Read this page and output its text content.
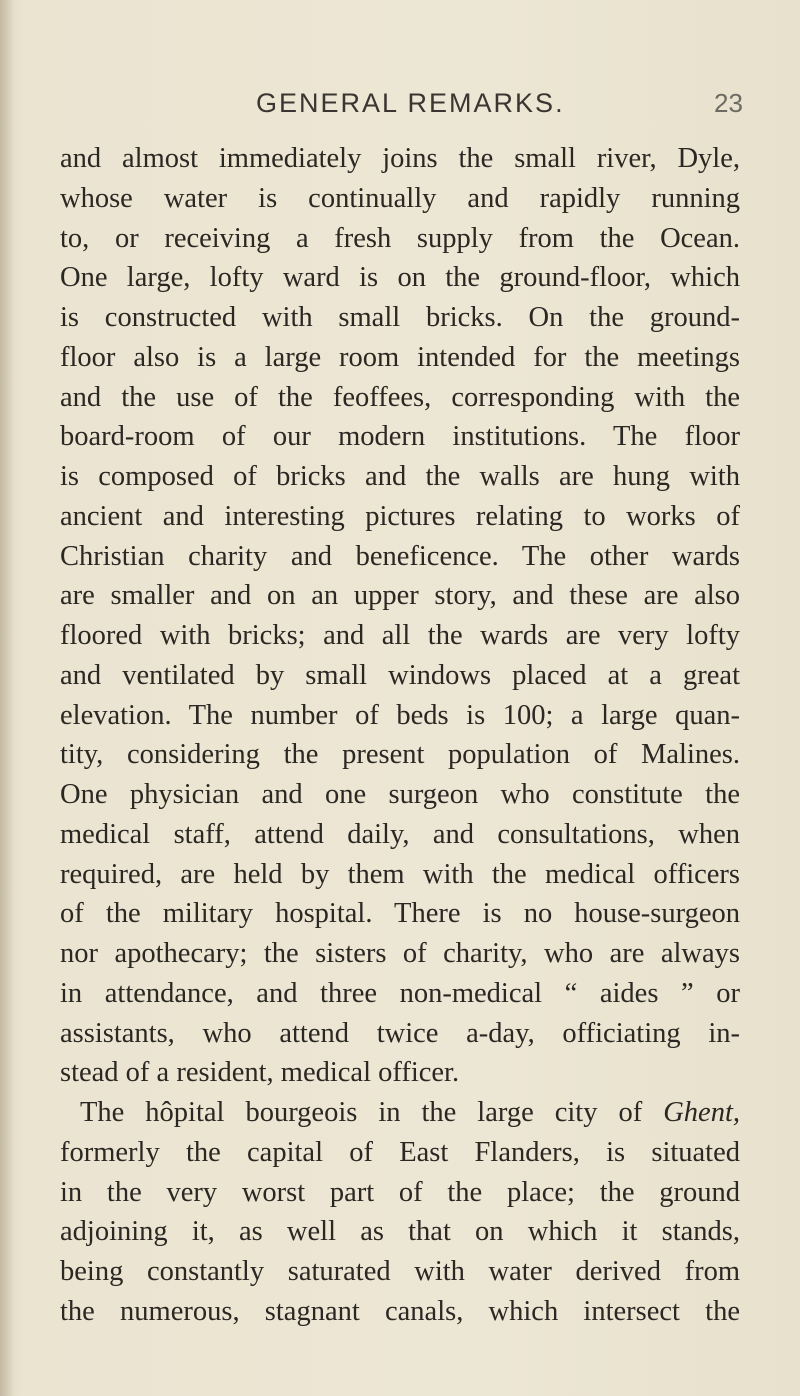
GENERAL REMARKS.	23
and almost immediately joins the small river, Dyle,
whose water is continually and rapidly running
to, or receiving a fresh supply from the Ocean.
One large, lofty ward is on the ground-floor, which
is constructed with small bricks. On the ground-
floor also is a large room intended for the meetings
and the use of the feoffees, corresponding with the
board-room of our modern institutions. The floor
is composed of bricks and the walls are hung with
ancient and interesting pictures relating to works of
Christian charity and beneficence. The other wards
are smaller and on an upper story, and these are also
floored with bricks; and all the wards are very lofty
and ventilated by small windows placed at a great
elevation. The number of beds is 100; a large quan-
tity, considering the present population of Malines.
One physician and one surgeon who constitute the
medical staff, attend daily, and consultations, when
required, are held by them with the medical officers
of the military hospital. There is no house-surgeon
nor apothecary; the sisters of charity, who are always
in attendance, and three non-medical “ aides ” or
assistants, who attend twice a-day, officiating in-
stead of a resident, medical officer.
The hôpital bourgeois in the large city of Ghent,
formerly the capital of East Flanders, is situated
in the very worst part of the place; the ground
adjoining it, as well as that on which it stands,
being constantly saturated with water derived from
the numerous, stagnant canals, which intersect the
